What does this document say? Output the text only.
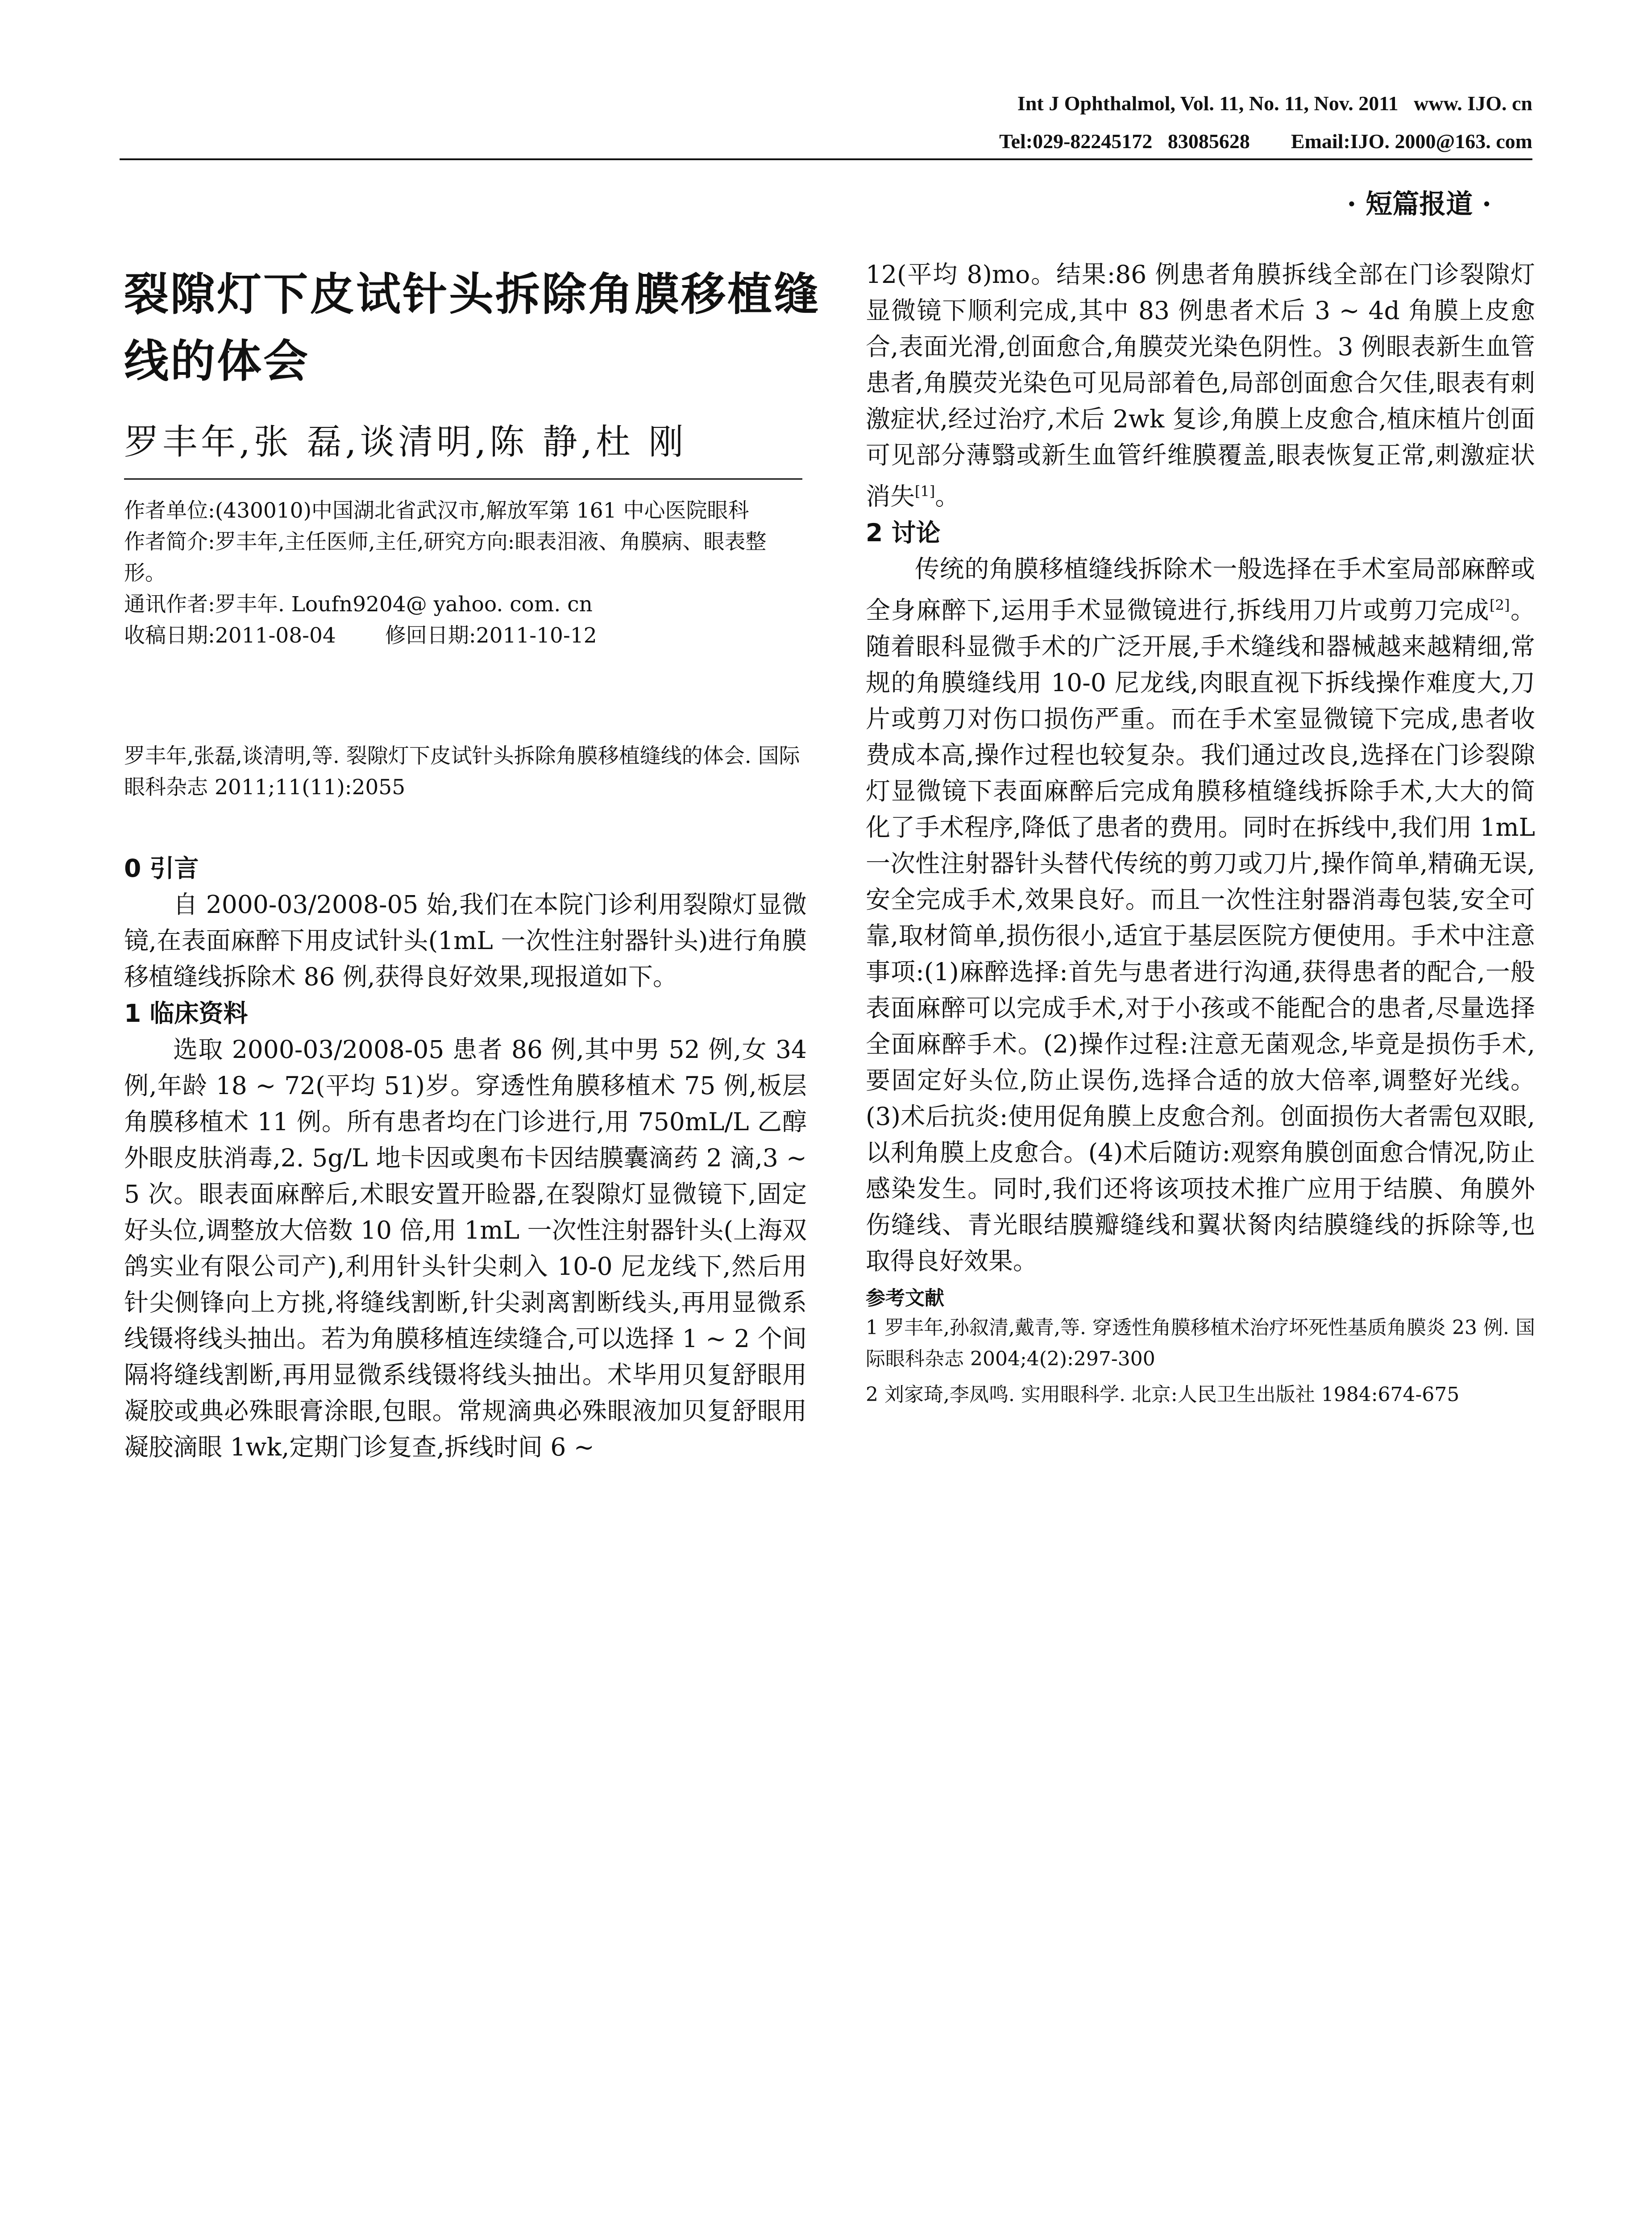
Int J Ophthalmol, Vol. 11, No. 11, Nov. 2011   www. IJO. cn
Tel:029-82245172   83085628        Email:IJO. 2000@163. com
· 短篇报道 ·
裂隙灯下皮试针头拆除角膜移植缝线的体会
罗丰年,张 磊,谈清明,陈 静,杜 刚

作者单位:(430010)中国湖北省武汉市,解放军第 161 中心医院眼科

作者简介:罗丰年,主任医师,主任,研究方向:眼表泪液、角膜病、眼表整形。

通讯作者:罗丰年. Loufn9204@ yahoo. com. cn

收稿日期:2011-08-04 修回日期:2011-10-12

罗丰年,张磊,谈清明,等. 裂隙灯下皮试针头拆除角膜移植缝线的体会. 国际眼科杂志 2011;11(11):2055

0 引言

自 2000-03/2008-05 始,我们在本院门诊利用裂隙灯显微镜,在表面麻醉下用皮试针头(1mL 一次性注射器针头)进行角膜移植缝线拆除术 86 例,获得良好效果,现报道如下。

1 临床资料

选取 2000-03/2008-05 患者 86 例,其中男 52 例,女 34 例,年龄 18 ~ 72(平均 51)岁。穿透性角膜移植术 75 例,板层角膜移植术 11 例。所有患者均在门诊进行,用 750mL/L 乙醇外眼皮肤消毒,2. 5g/L 地卡因或奥布卡因结膜囊滴药 2 滴,3 ~ 5 次。眼表面麻醉后,术眼安置开睑器,在裂隙灯显微镜下,固定好头位,调整放大倍数 10 倍,用 1mL 一次性注射器针头(上海双鸽实业有限公司产),利用针头针尖刺入 10-0 尼龙线下,然后用针尖侧锋向上方挑,将缝线割断,针尖剥离割断线头,再用显微系线镊将线头抽出。若为角膜移植连续缝合,可以选择 1 ~ 2 个间隔将缝线割断,再用显微系线镊将线头抽出。术毕用贝复舒眼用凝胶或典必殊眼膏涂眼,包眼。常规滴典必殊眼液加贝复舒眼用凝胶滴眼 1wk,定期门诊复查,拆线时间 6 ~

12(平均 8)mo。结果:86 例患者角膜拆线全部在门诊裂隙灯显微镜下顺利完成,其中 83 例患者术后 3 ~ 4d 角膜上皮愈合,表面光滑,创面愈合,角膜荧光染色阴性。3 例眼表新生血管患者,角膜荧光染色可见局部着色,局部创面愈合欠佳,眼表有刺激症状,经过治疗,术后 2wk 复诊,角膜上皮愈合,植床植片创面可见部分薄翳或新生血管纤维膜覆盖,眼表恢复正常,刺激症状消失[1]。

2 讨论

传统的角膜移植缝线拆除术一般选择在手术室局部麻醉或全身麻醉下,运用手术显微镜进行,拆线用刀片或剪刀完成[2]。随着眼科显微手术的广泛开展,手术缝线和器械越来越精细,常规的角膜缝线用 10-0 尼龙线,肉眼直视下拆线操作难度大,刀片或剪刀对伤口损伤严重。而在手术室显微镜下完成,患者收费成本高,操作过程也较复杂。我们通过改良,选择在门诊裂隙灯显微镜下表面麻醉后完成角膜移植缝线拆除手术,大大的简化了手术程序,降低了患者的费用。同时在拆线中,我们用 1mL 一次性注射器针头替代传统的剪刀或刀片,操作简单,精确无误,安全完成手术,效果良好。而且一次性注射器消毒包装,安全可靠,取材简单,损伤很小,适宜于基层医院方便使用。手术中注意事项:(1)麻醉选择:首先与患者进行沟通,获得患者的配合,一般表面麻醉可以完成手术,对于小孩或不能配合的患者,尽量选择全面麻醉手术。(2)操作过程:注意无菌观念,毕竟是损伤手术,要固定好头位,防止误伤,选择合适的放大倍率,调整好光线。(3)术后抗炎:使用促角膜上皮愈合剂。创面损伤大者需包双眼,以利角膜上皮愈合。(4)术后随访:观察角膜创面愈合情况,防止感染发生。同时,我们还将该项技术推广应用于结膜、角膜外伤缝线、青光眼结膜瓣缝线和翼状胬肉结膜缝线的拆除等,也取得良好效果。

参考文献

1 罗丰年,孙叙清,戴青,等. 穿透性角膜移植术治疗坏死性基质角膜炎 23 例. 国际眼科杂志 2004;4(2):297-300

2 刘家琦,李凤鸣. 实用眼科学. 北京:人民卫生出版社 1984:674-675
